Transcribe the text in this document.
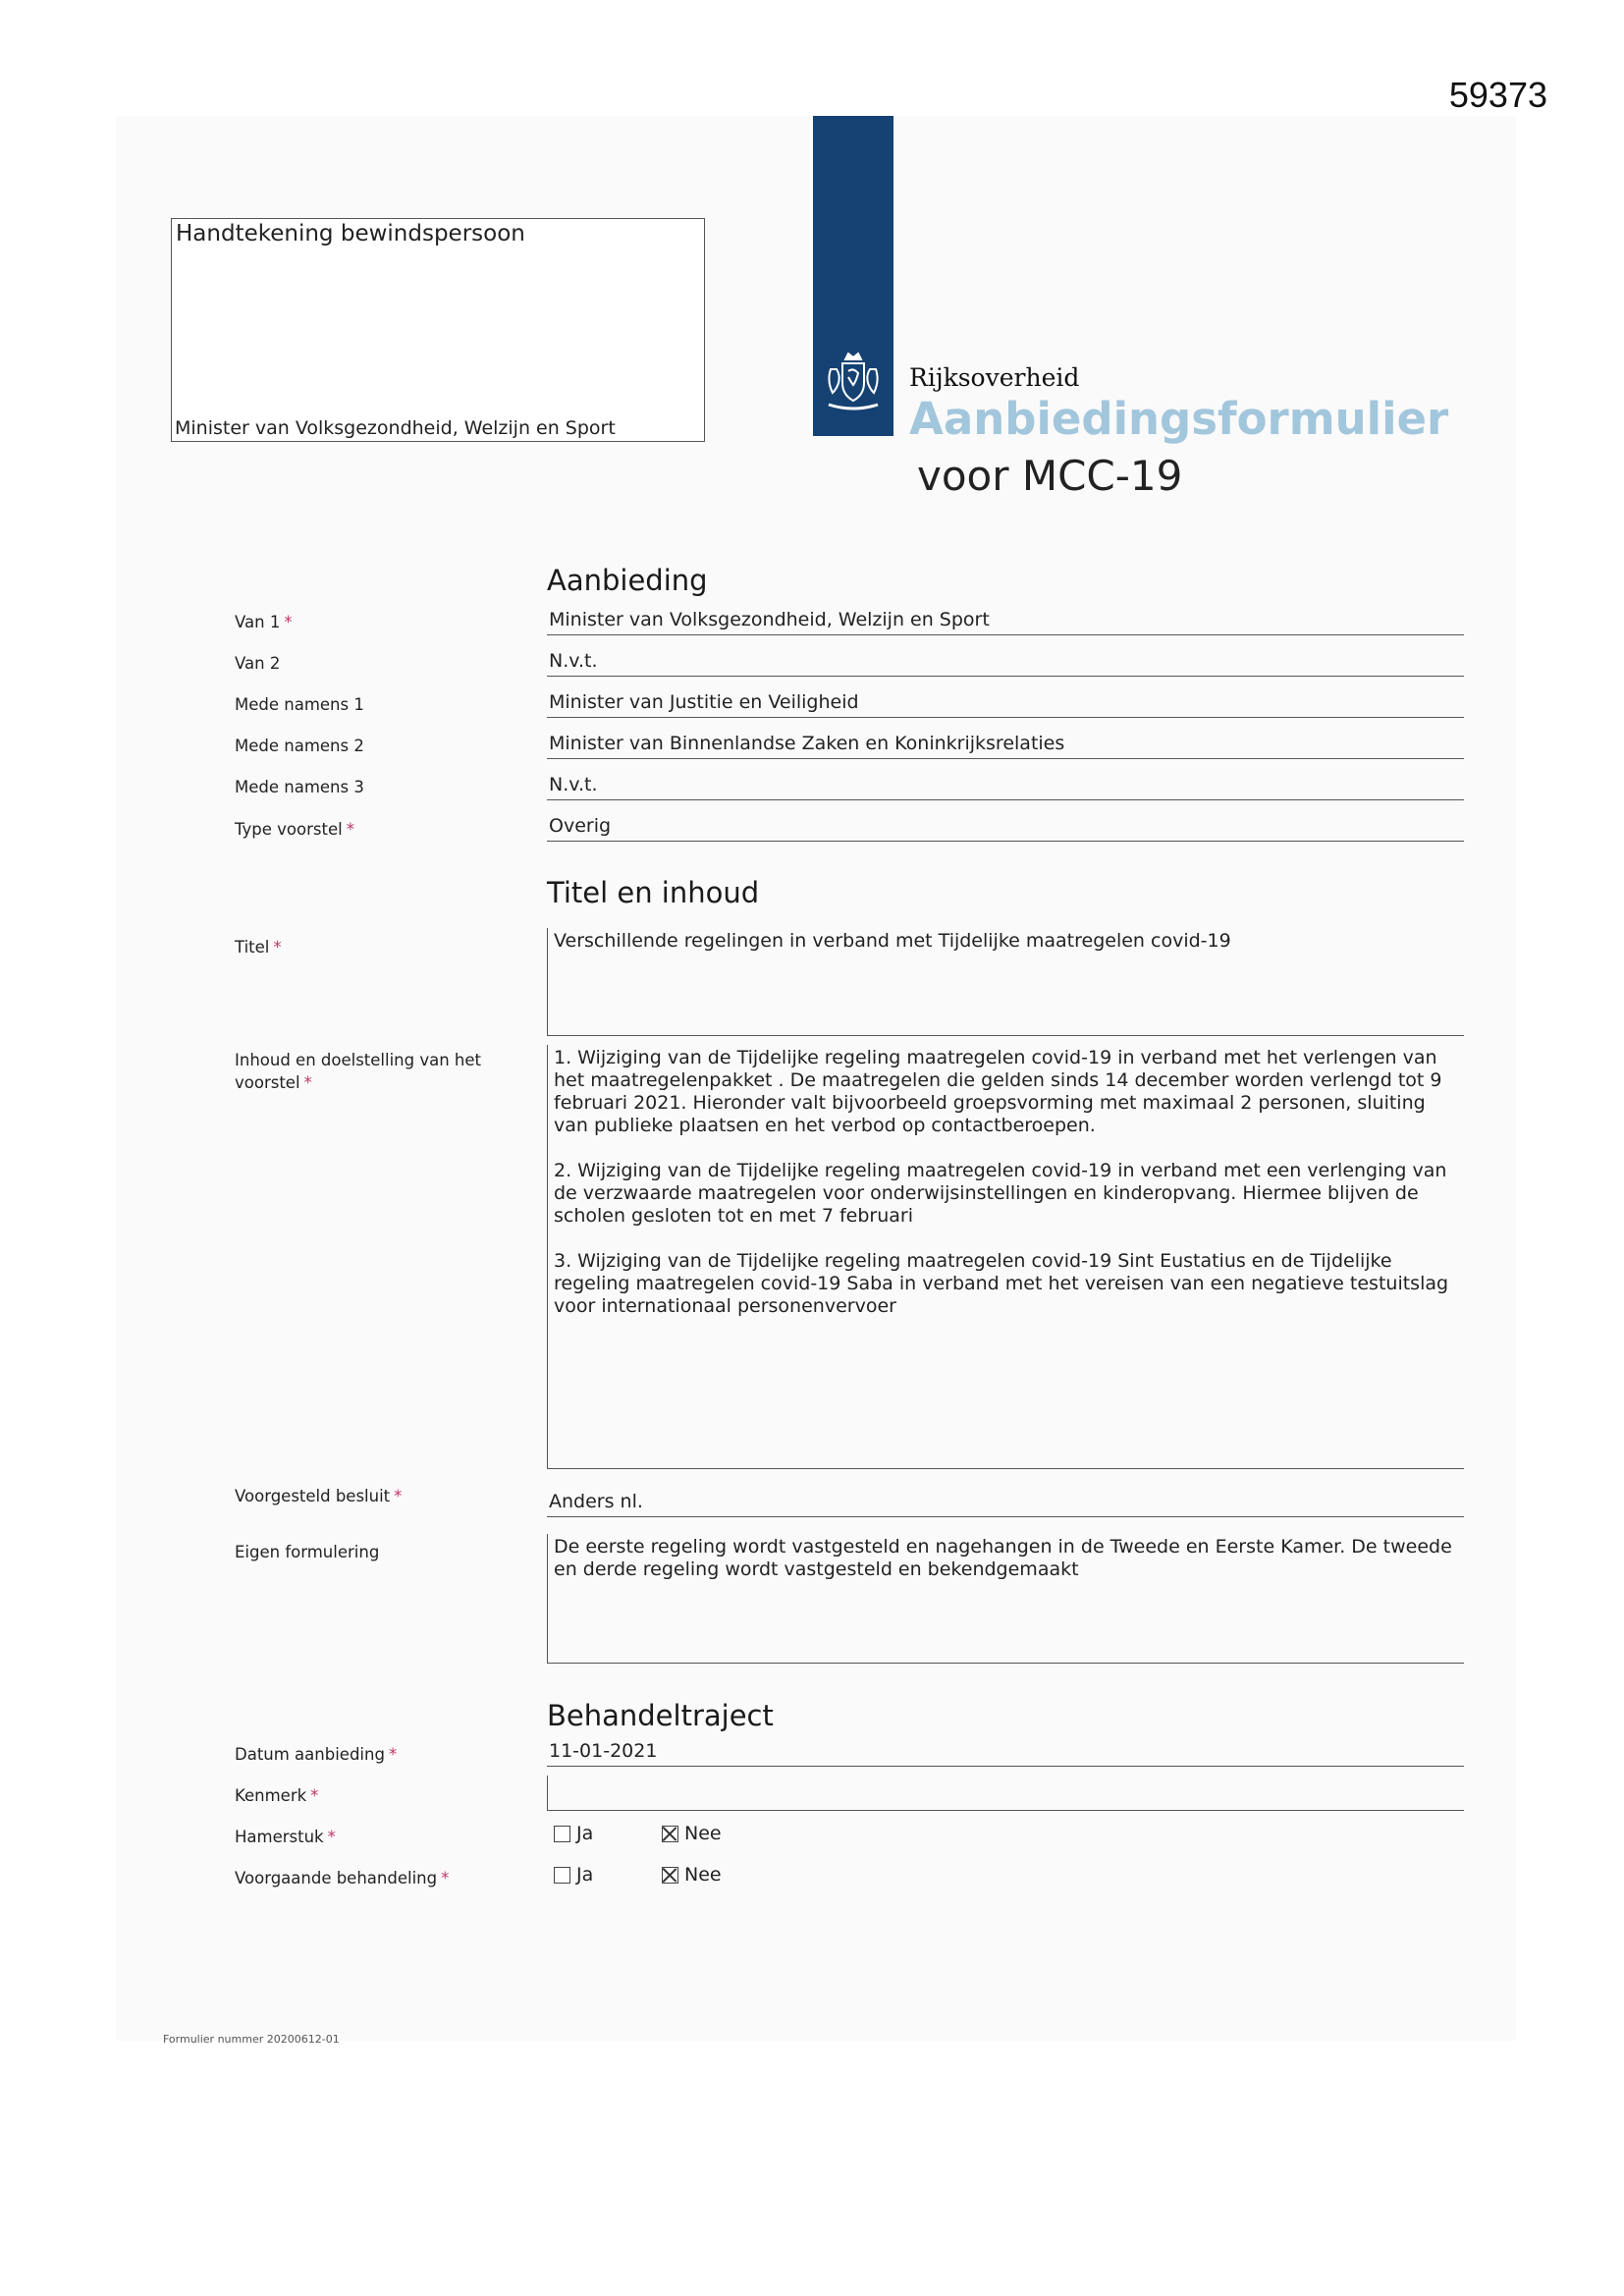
59373
Handtekening bewindspersoon
Minister van Volksgezondheid, Welzijn en Sport
Rijksoverheid
Aanbiedingsformulier
voor MCC-19
Aanbieding
Van 1 *	Minister van Volksgezondheid, Welzijn en Sport
Van 2	N.v.t.
Mede namens 1	Minister van Justitie en Veiligheid
Mede namens 2	Minister van Binnenlandse Zaken en Koninkrijksrelaties
Mede namens 3	N.v.t.
Type voorstel *	Overig
Titel en inhoud
Titel *	Verschillende regelingen in verband met Tijdelijke maatregelen covid-19
Inhoud en doelstelling van het voorstel *

1. Wijziging van de Tijdelijke regeling maatregelen covid-19 in verband met het verlengen van het maatregelenpakket . De maatregelen die gelden sinds 14 december worden verlengd tot 9 februari 2021. Hieronder valt bijvoorbeeld groepsvorming met maximaal 2 personen, sluiting van publieke plaatsen en het verbod op contactberoepen.

2. Wijziging van de Tijdelijke regeling maatregelen covid-19 in verband met een verlenging van de verzwaarde maatregelen voor onderwijsinstellingen en kinderopvang. Hiermee blijven de scholen gesloten tot en met 7 februari

3. Wijziging van de Tijdelijke regeling maatregelen covid-19 Sint Eustatius en de Tijdelijke regeling maatregelen covid-19 Saba in verband met het vereisen van een negatieve testuitslag voor internationaal personenvervoer

Voorgesteld besluit *	Anders nl.
Eigen formulering	De eerste regeling wordt vastgesteld en nagehangen in de Tweede en Eerste Kamer. De tweede en derde regeling wordt vastgesteld en bekendgemaakt
Behandeltraject
Datum aanbieding *	11-01-2021
Kenmerk *
Hamerstuk *	Ja	Nee
Voorgaande behandeling *	Ja	Nee
Formulier nummer 20200612-01
